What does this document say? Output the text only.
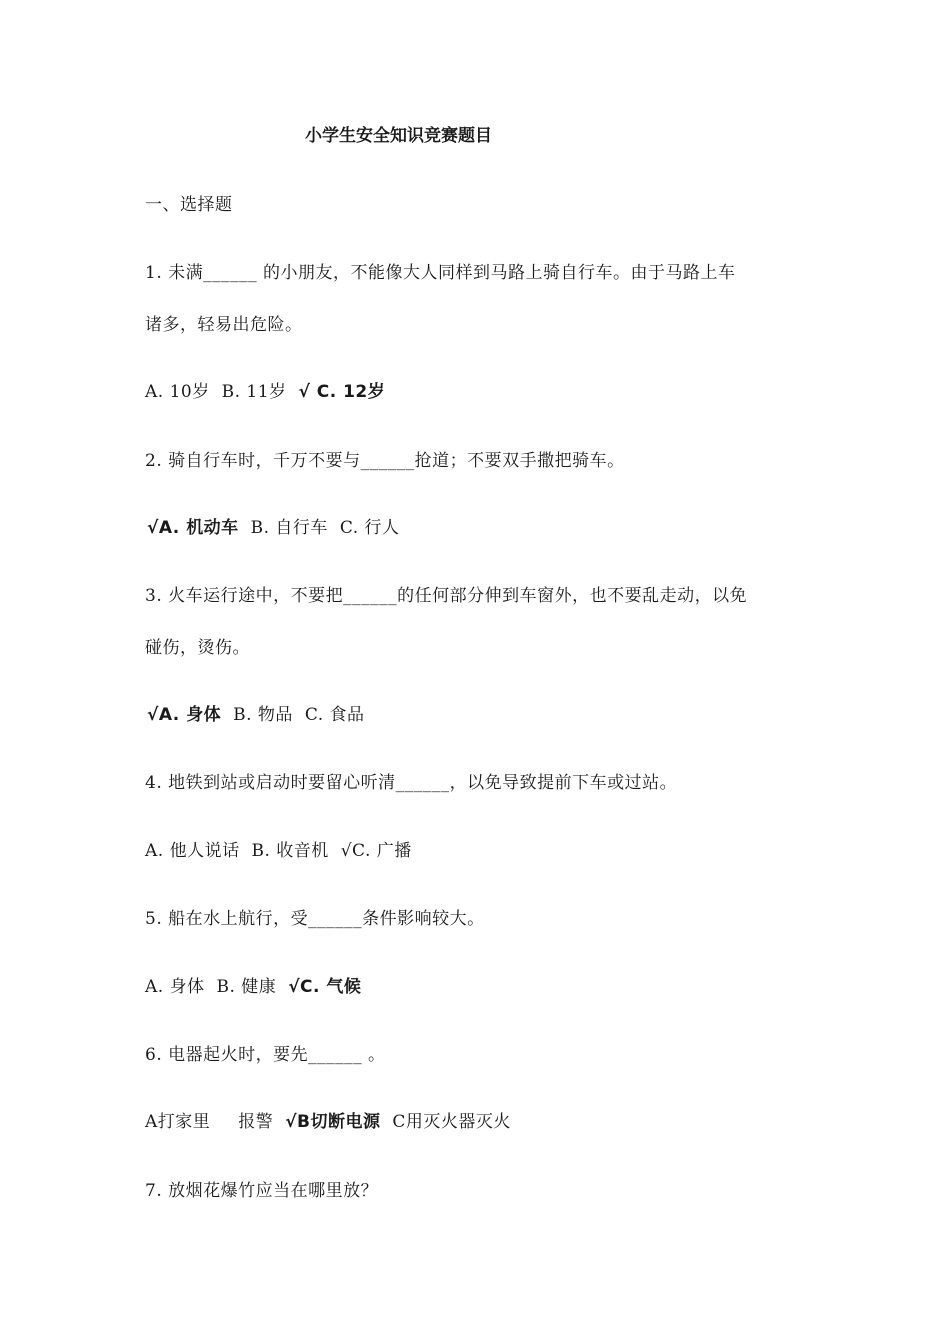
小学生安全知识竞赛题目
一、选择题
1. 未满______ 的小朋友，不能像大人同样到马路上骑自行车。由于马路上车
诸多，轻易出危险。
A. 10岁 B. 11岁 √ C. 12岁
2. 骑自行车时，千万不要与______抢道；不要双手撒把骑车。
√A. 机动车 B. 自行车 C. 行人
3. 火车运行途中，不要把______的任何部分伸到车窗外，也不要乱走动，以免
碰伤，烫伤。
√A. 身体 B. 物品 C. 食品
4. 地铁到站或启动时要留心听清______，以免导致提前下车或过站。
A. 他人说话 B. 收音机 √C. 广播
5. 船在水上航行，受______条件影响较大。
A. 身体 B. 健康 √C. 气候
6. 电器起火时，要先______ 。
A打家里 报警 √B切断电源 C用灭火器灭火
7. 放烟花爆竹应当在哪里放？
